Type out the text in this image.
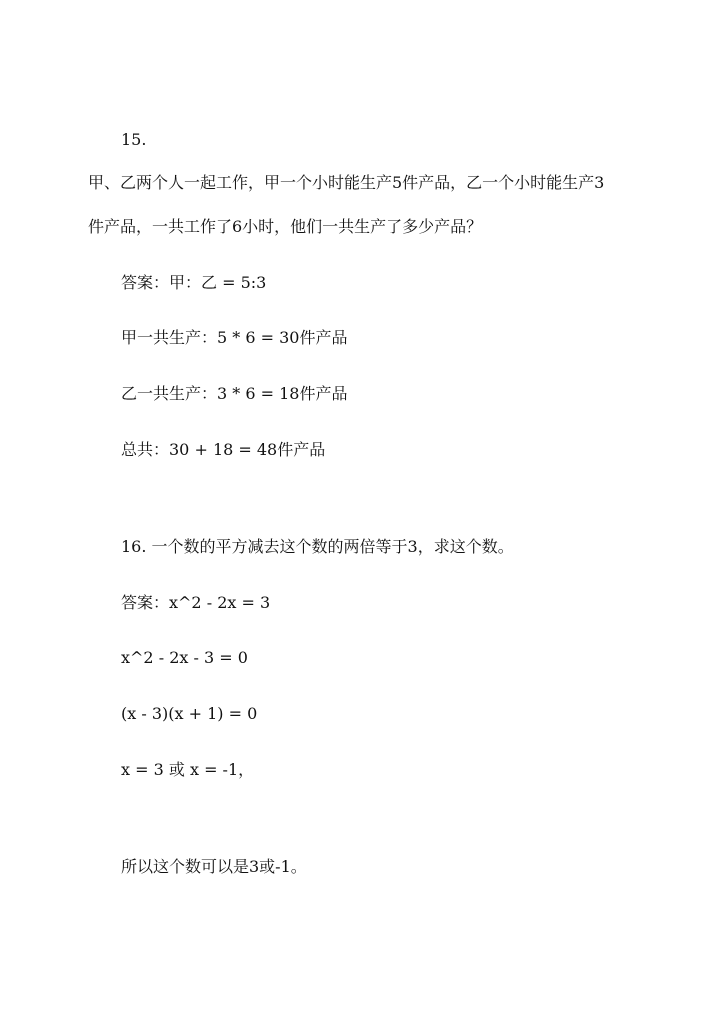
15.
甲、乙两个人一起工作，甲一个小时能生产5件产品，乙一个小时能生产3
件产品，一共工作了6小时，他们一共生产了多少产品？
答案：甲：乙 = 5:3
甲一共生产：5 * 6 = 30件产品
乙一共生产：3 * 6 = 18件产品
总共：30 + 18 = 48件产品
16. 一个数的平方减去这个数的两倍等于3，求这个数。
答案：x^2 - 2x = 3
x^2 - 2x - 3 = 0
(x - 3)(x + 1) = 0
x = 3 或 x = -1，
所以这个数可以是3或-1。
